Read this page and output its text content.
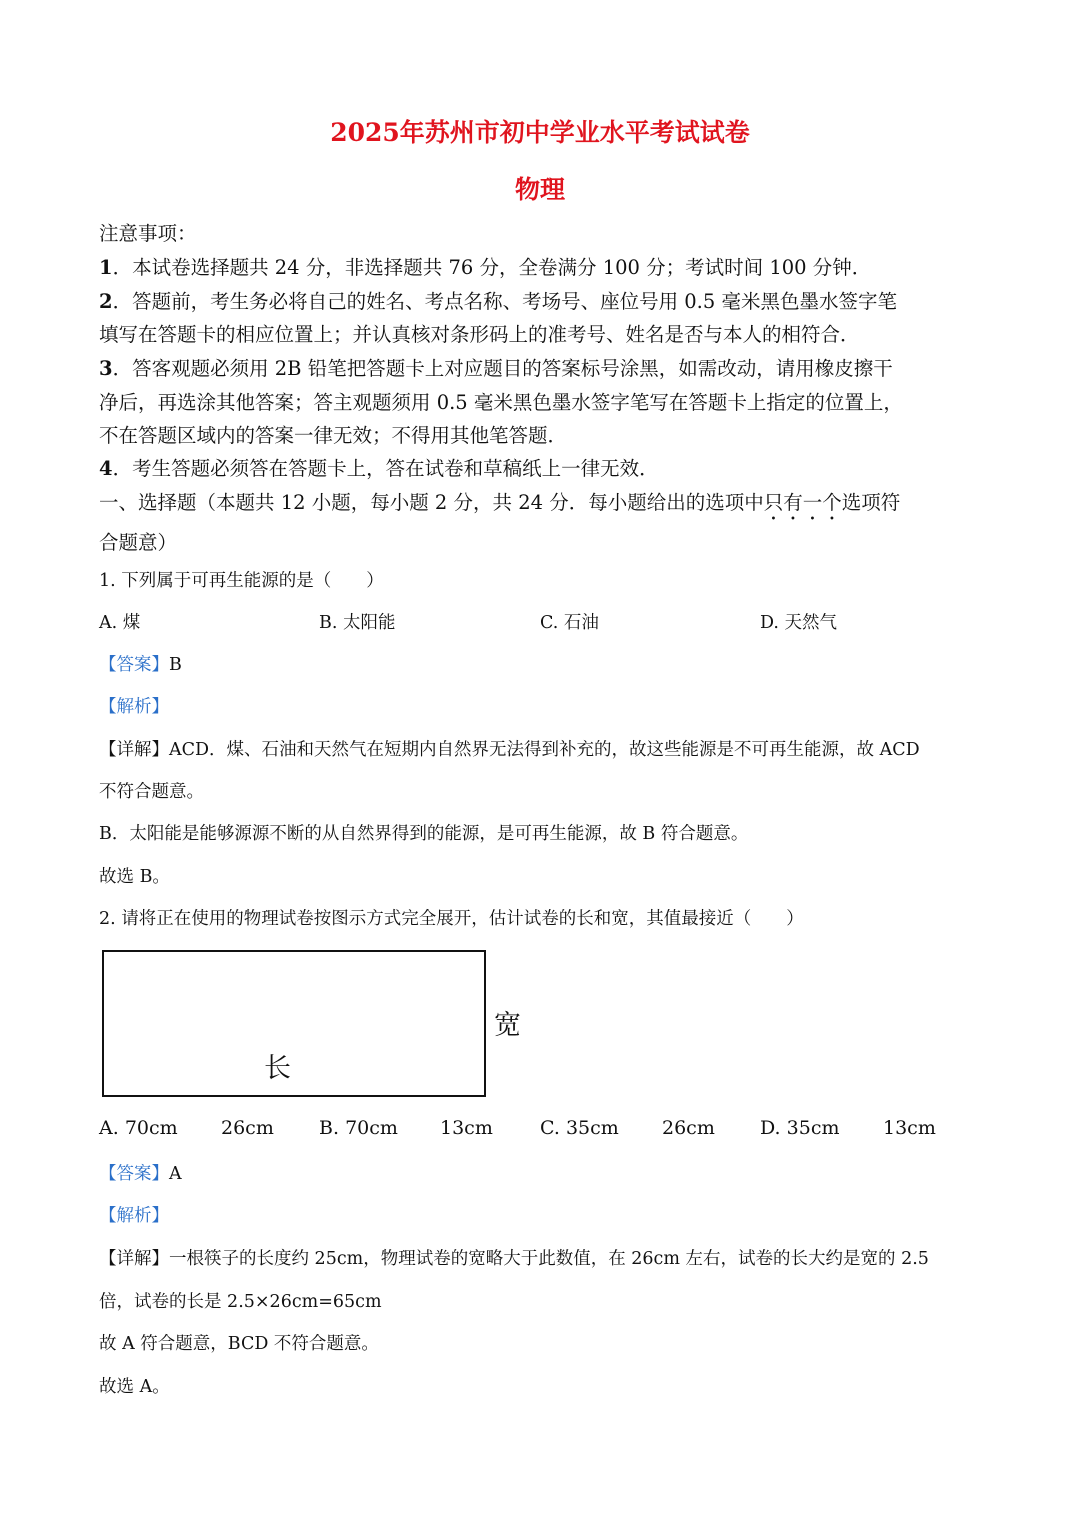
2025年苏州市初中学业水平考试试卷
物理
注意事项：
1．本试卷选择题共 24 分，非选择题共 76 分，全卷满分 100 分；考试时间 100 分钟．
2．答题前，考生务必将自己的姓名、考点名称、考场号、座位号用 0.5 毫米黑色墨水签字笔
填写在答题卡的相应位置上；并认真核对条形码上的准考号、姓名是否与本人的相符合．
3．答客观题必须用 2B 铅笔把答题卡上对应题目的答案标号涂黑，如需改动，请用橡皮擦干
净后，再选涂其他答案；答主观题须用 0.5 毫米黑色墨水签字笔写在答题卡上指定的位置上，
不在答题区域内的答案一律无效；不得用其他笔答题．
4．考生答题必须答在答题卡上，答在试卷和草稿纸上一律无效．
一、选择题（本题共 12 小题，每小题 2 分，共 24 分．每小题给出的选项中只有一个选项符
合题意）
1. 下列属于可再生能源的是（　　）
A. 煤	B. 太阳能	C. 石油	D. 天然气
【答案】B
【解析】
【详解】ACD．煤、石油和天然气在短期内自然界无法得到补充的，故这些能源是不可再生能源，故 ACD
不符合题意。
B．太阳能是能够源源不断的从自然界得到的能源，是可再生能源，故 B 符合题意。
故选 B。
2. 请将正在使用的物理试卷按图示方式完全展开，估计试卷的长和宽，其值最接近（　　）
长
宽
A. 70cm 26cm B. 70cm 13cm C. 35cm 26cm D. 35cm 13cm
【答案】A
【解析】
【详解】一根筷子的长度约 25cm，物理试卷的宽略大于此数值，在 26cm 左右，试卷的长大约是宽的 2.5
倍，试卷的长是 2.5×26cm=65cm
故 A 符合题意，BCD 不符合题意。
故选 A。
